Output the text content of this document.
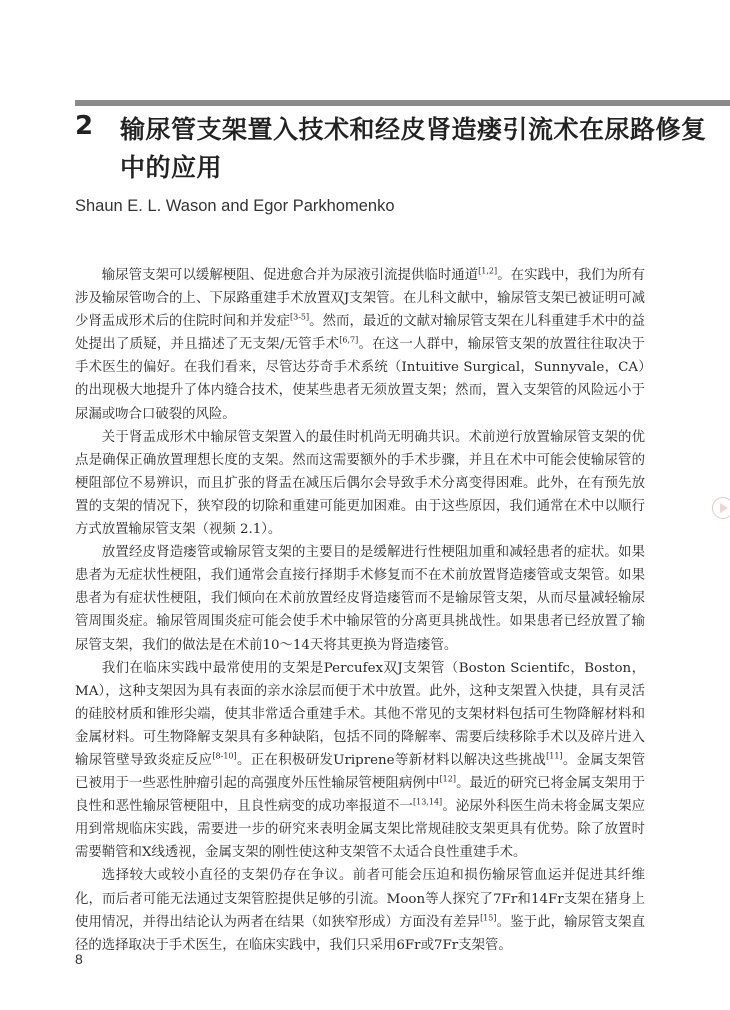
2 输尿管支架置入技术和经皮肾造瘘引流术在尿路修复中的应用
Shaun E. L. Wason and Egor Parkhomenko

输尿管支架可以缓解梗阻、促进愈合并为尿液引流提供临时通道[1,2]。在实践中，我们为所有涉及输尿管吻合的上、下尿路重建手术放置双J支架管。在儿科文献中，输尿管支架已被证明可减少肾盂成形术后的住院时间和并发症[3-5]。然而，最近的文献对输尿管支架在儿科重建手术中的益处提出了质疑，并且描述了无支架/无管手术[6,7]。在这一人群中，输尿管支架的放置往往取决于手术医生的偏好。在我们看来，尽管达芬奇手术系统（Intuitive Surgical，Sunnyvale，CA）的出现极大地提升了体内缝合技术，使某些患者无须放置支架；然而，置入支架管的风险远小于尿漏或吻合口破裂的风险。

关于肾盂成形术中输尿管支架置入的最佳时机尚无明确共识。术前逆行放置输尿管支架的优点是确保正确放置理想长度的支架。然而这需要额外的手术步骤，并且在术中可能会使输尿管的梗阻部位不易辨识，而且扩张的肾盂在减压后偶尔会导致手术分离变得困难。此外，在有预先放置的支架的情况下，狭窄段的切除和重建可能更加困难。由于这些原因，我们通常在术中以顺行方式放置输尿管支架（视频 2.1）。

放置经皮肾造瘘管或输尿管支架的主要目的是缓解进行性梗阻加重和减轻患者的症状。如果患者为无症状性梗阻，我们通常会直接行择期手术修复而不在术前放置肾造瘘管或支架管。如果患者为有症状性梗阻，我们倾向在术前放置经皮肾造瘘管而不是输尿管支架，从而尽量减轻输尿管周围炎症。输尿管周围炎症可能会使手术中输尿管的分离更具挑战性。如果患者已经放置了输尿管支架，我们的做法是在术前10～14天将其更换为肾造瘘管。

我们在临床实践中最常使用的支架是Percufex双J支架管（Boston Scientifc，Boston，MA），这种支架因为具有表面的亲水涂层而便于术中放置。此外，这种支架置入快捷，具有灵活的硅胶材质和锥形尖端，使其非常适合重建手术。其他不常见的支架材料包括可生物降解材料和金属材料。可生物降解支架具有多种缺陷，包括不同的降解率、需要后续移除手术以及碎片进入输尿管壁导致炎症反应[8-10]。正在积极研发Uriprene等新材料以解决这些挑战[11]。金属支架管已被用于一些恶性肿瘤引起的高强度外压性输尿管梗阻病例中[12]。最近的研究已将金属支架用于良性和恶性输尿管梗阻中，且良性病变的成功率报道不一[13,14]。泌尿外科医生尚未将金属支架应用到常规临床实践，需要进一步的研究来表明金属支架比常规硅胶支架更具有优势。除了放置时需要鞘管和X线透视，金属支架的刚性使这种支架管不太适合良性重建手术。

选择较大或较小直径的支架仍存在争议。前者可能会压迫和损伤输尿管血运并促进其纤维化，而后者可能无法通过支架管腔提供足够的引流。Moon等人探究了7Fr和14Fr支架在猪身上使用情况，并得出结论认为两者在结果（如狭窄形成）方面没有差异[15]。鉴于此，输尿管支架直径的选择取决于手术医生，在临床实践中，我们只采用6Fr或7Fr支架管。

8
